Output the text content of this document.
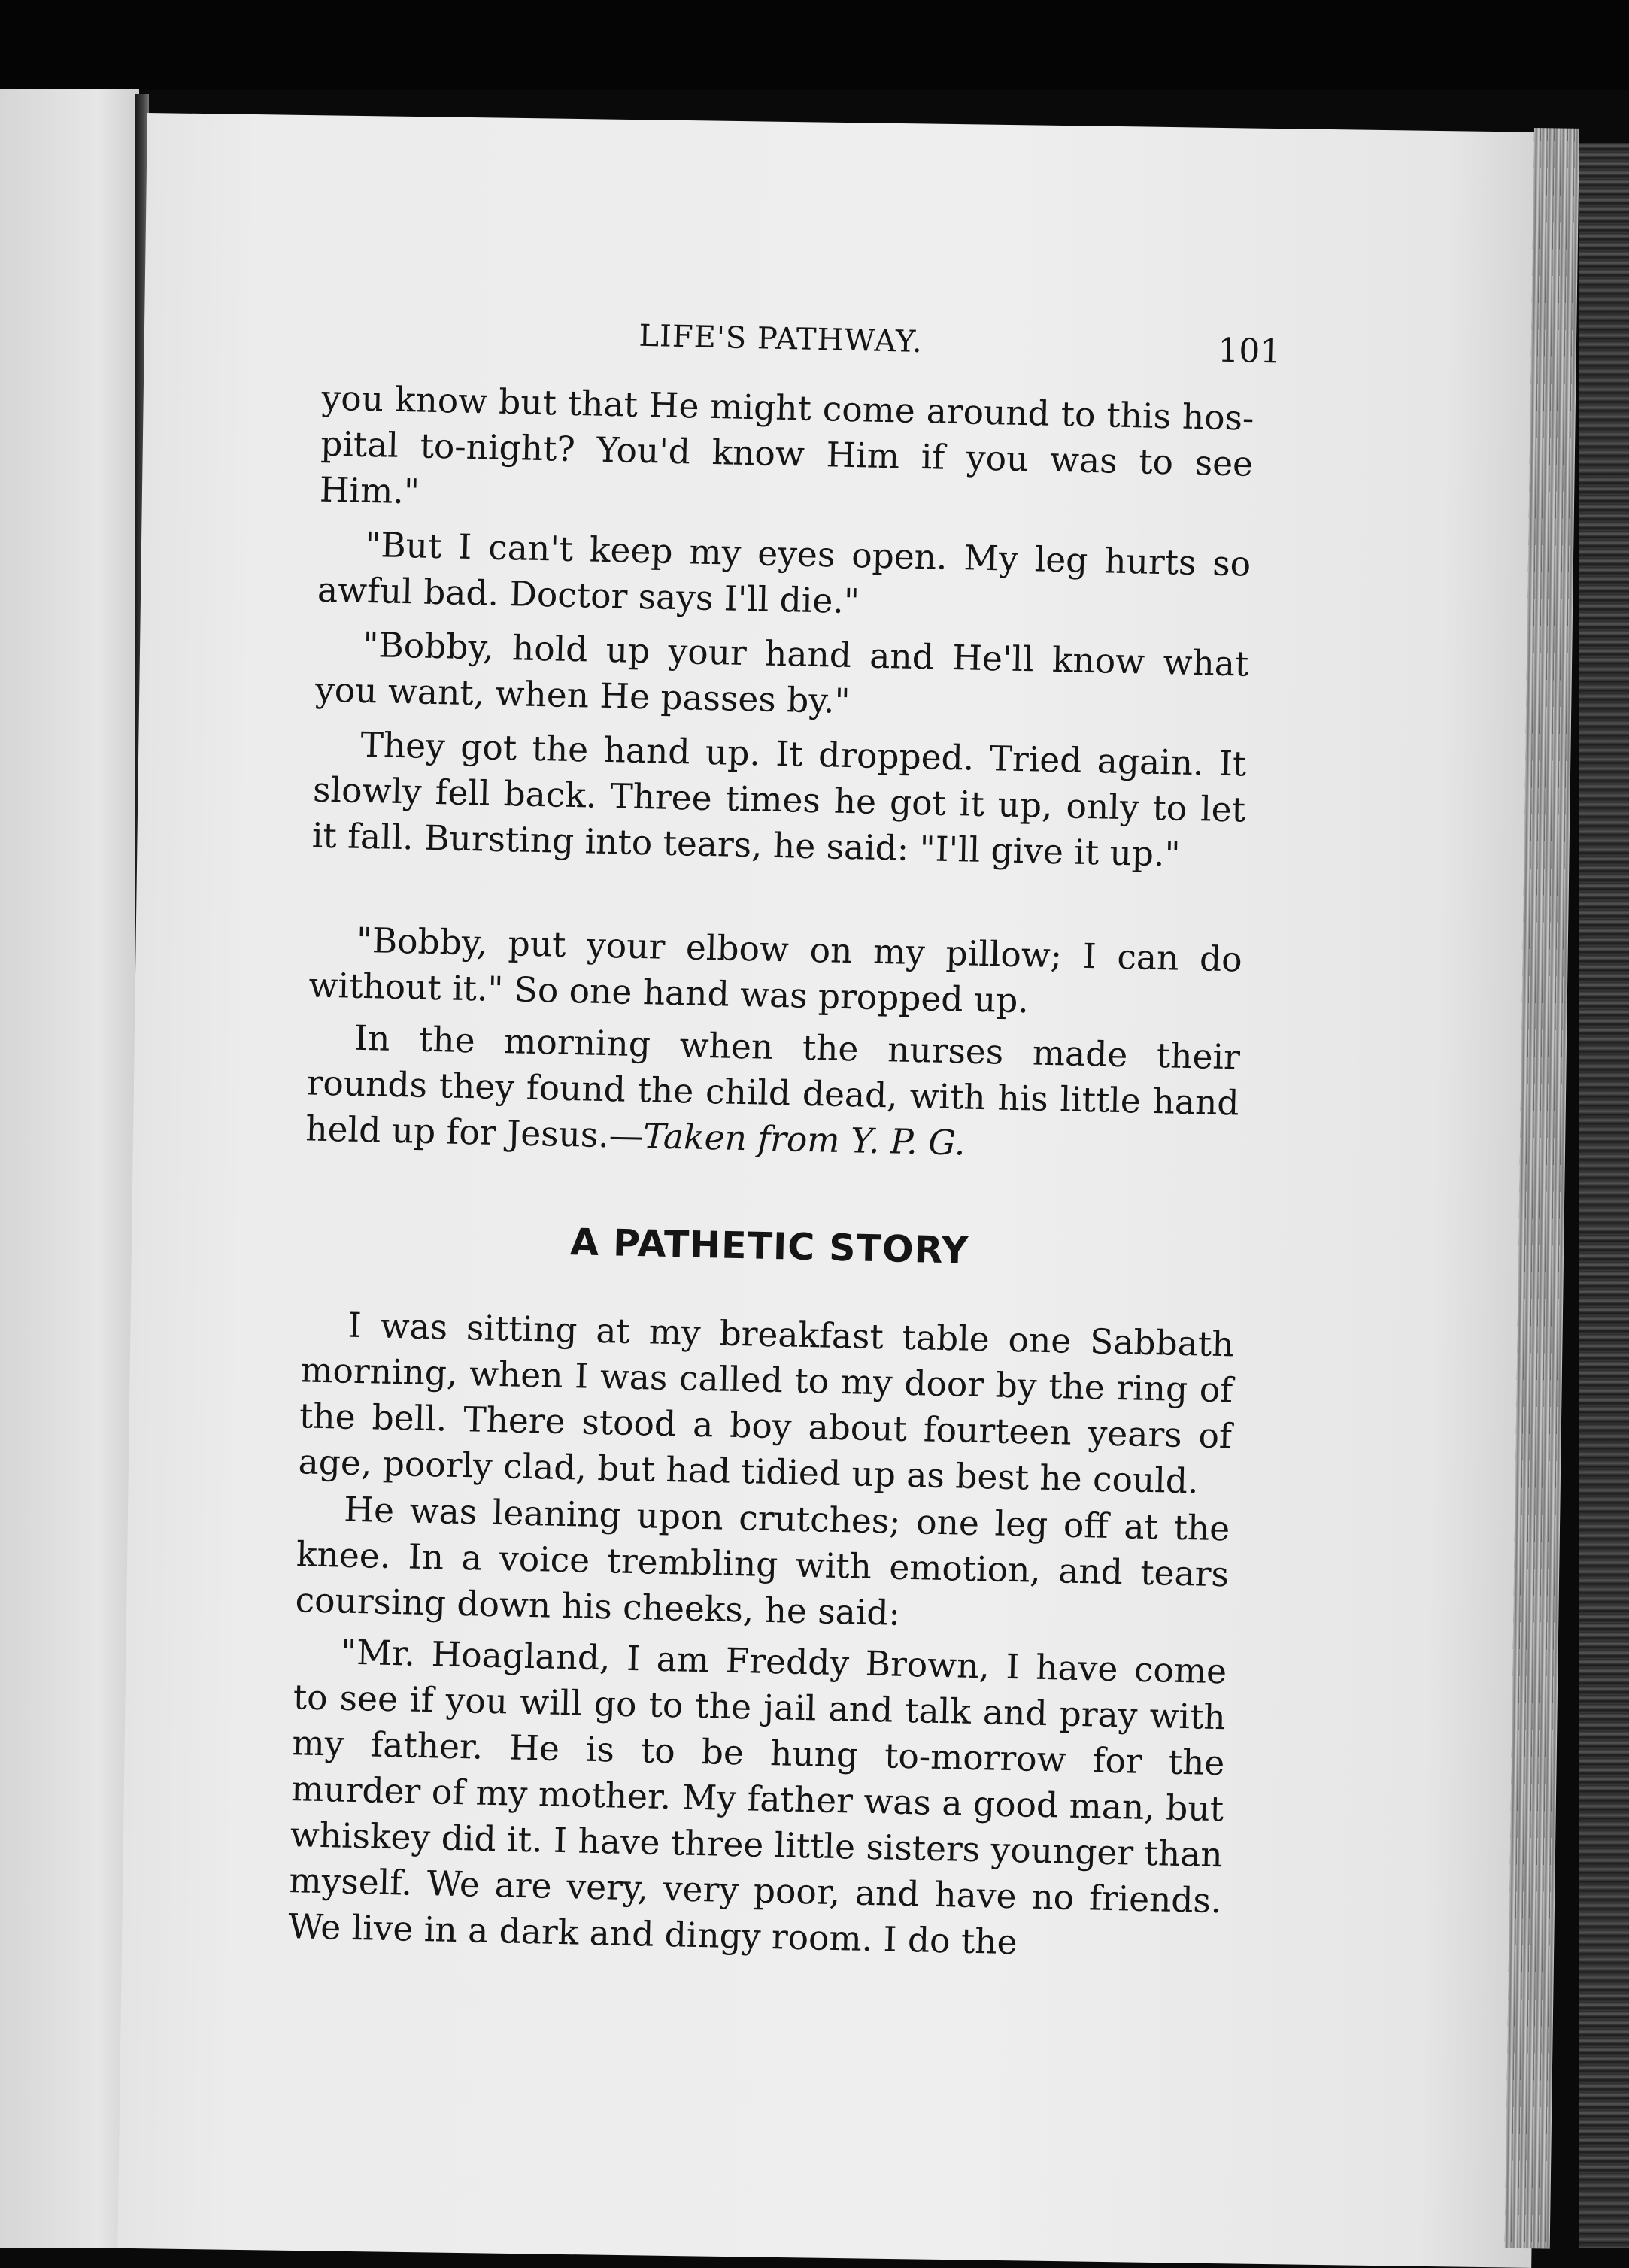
LIFE'S PATHWAY.	101

you know but that He might come around to this hospital to-night? You'd know Him if you was to see Him."

"But I can't keep my eyes open. My leg hurts so awful bad. Doctor says I'll die."

"Bobby, hold up your hand and He'll know what you want, when He passes by."

They got the hand up. It dropped. Tried again. It slowly fell back. Three times he got it up, only to let it fall. Bursting into tears, he said: "I'll give it up."

"Bobby, put your elbow on my pillow; I can do without it." So one hand was propped up.

In the morning when the nurses made their rounds they found the child dead, with his little hand held up for Jesus.—Taken from Y. P. G.

A PATHETIC STORY

I was sitting at my breakfast table one Sabbath morning, when I was called to my door by the ring of the bell. There stood a boy about fourteen years of age, poorly clad, but had tidied up as best he could.

He was leaning upon crutches; one leg off at the knee. In a voice trembling with emotion, and tears coursing down his cheeks, he said:

"Mr. Hoagland, I am Freddy Brown, I have come to see if you will go to the jail and talk and pray with my father. He is to be hung to-morrow for the murder of my mother. My father was a good man, but whiskey did it. I have three little sisters younger than myself. We are very, very poor, and have no friends. We live in a dark and dingy room. I do the
